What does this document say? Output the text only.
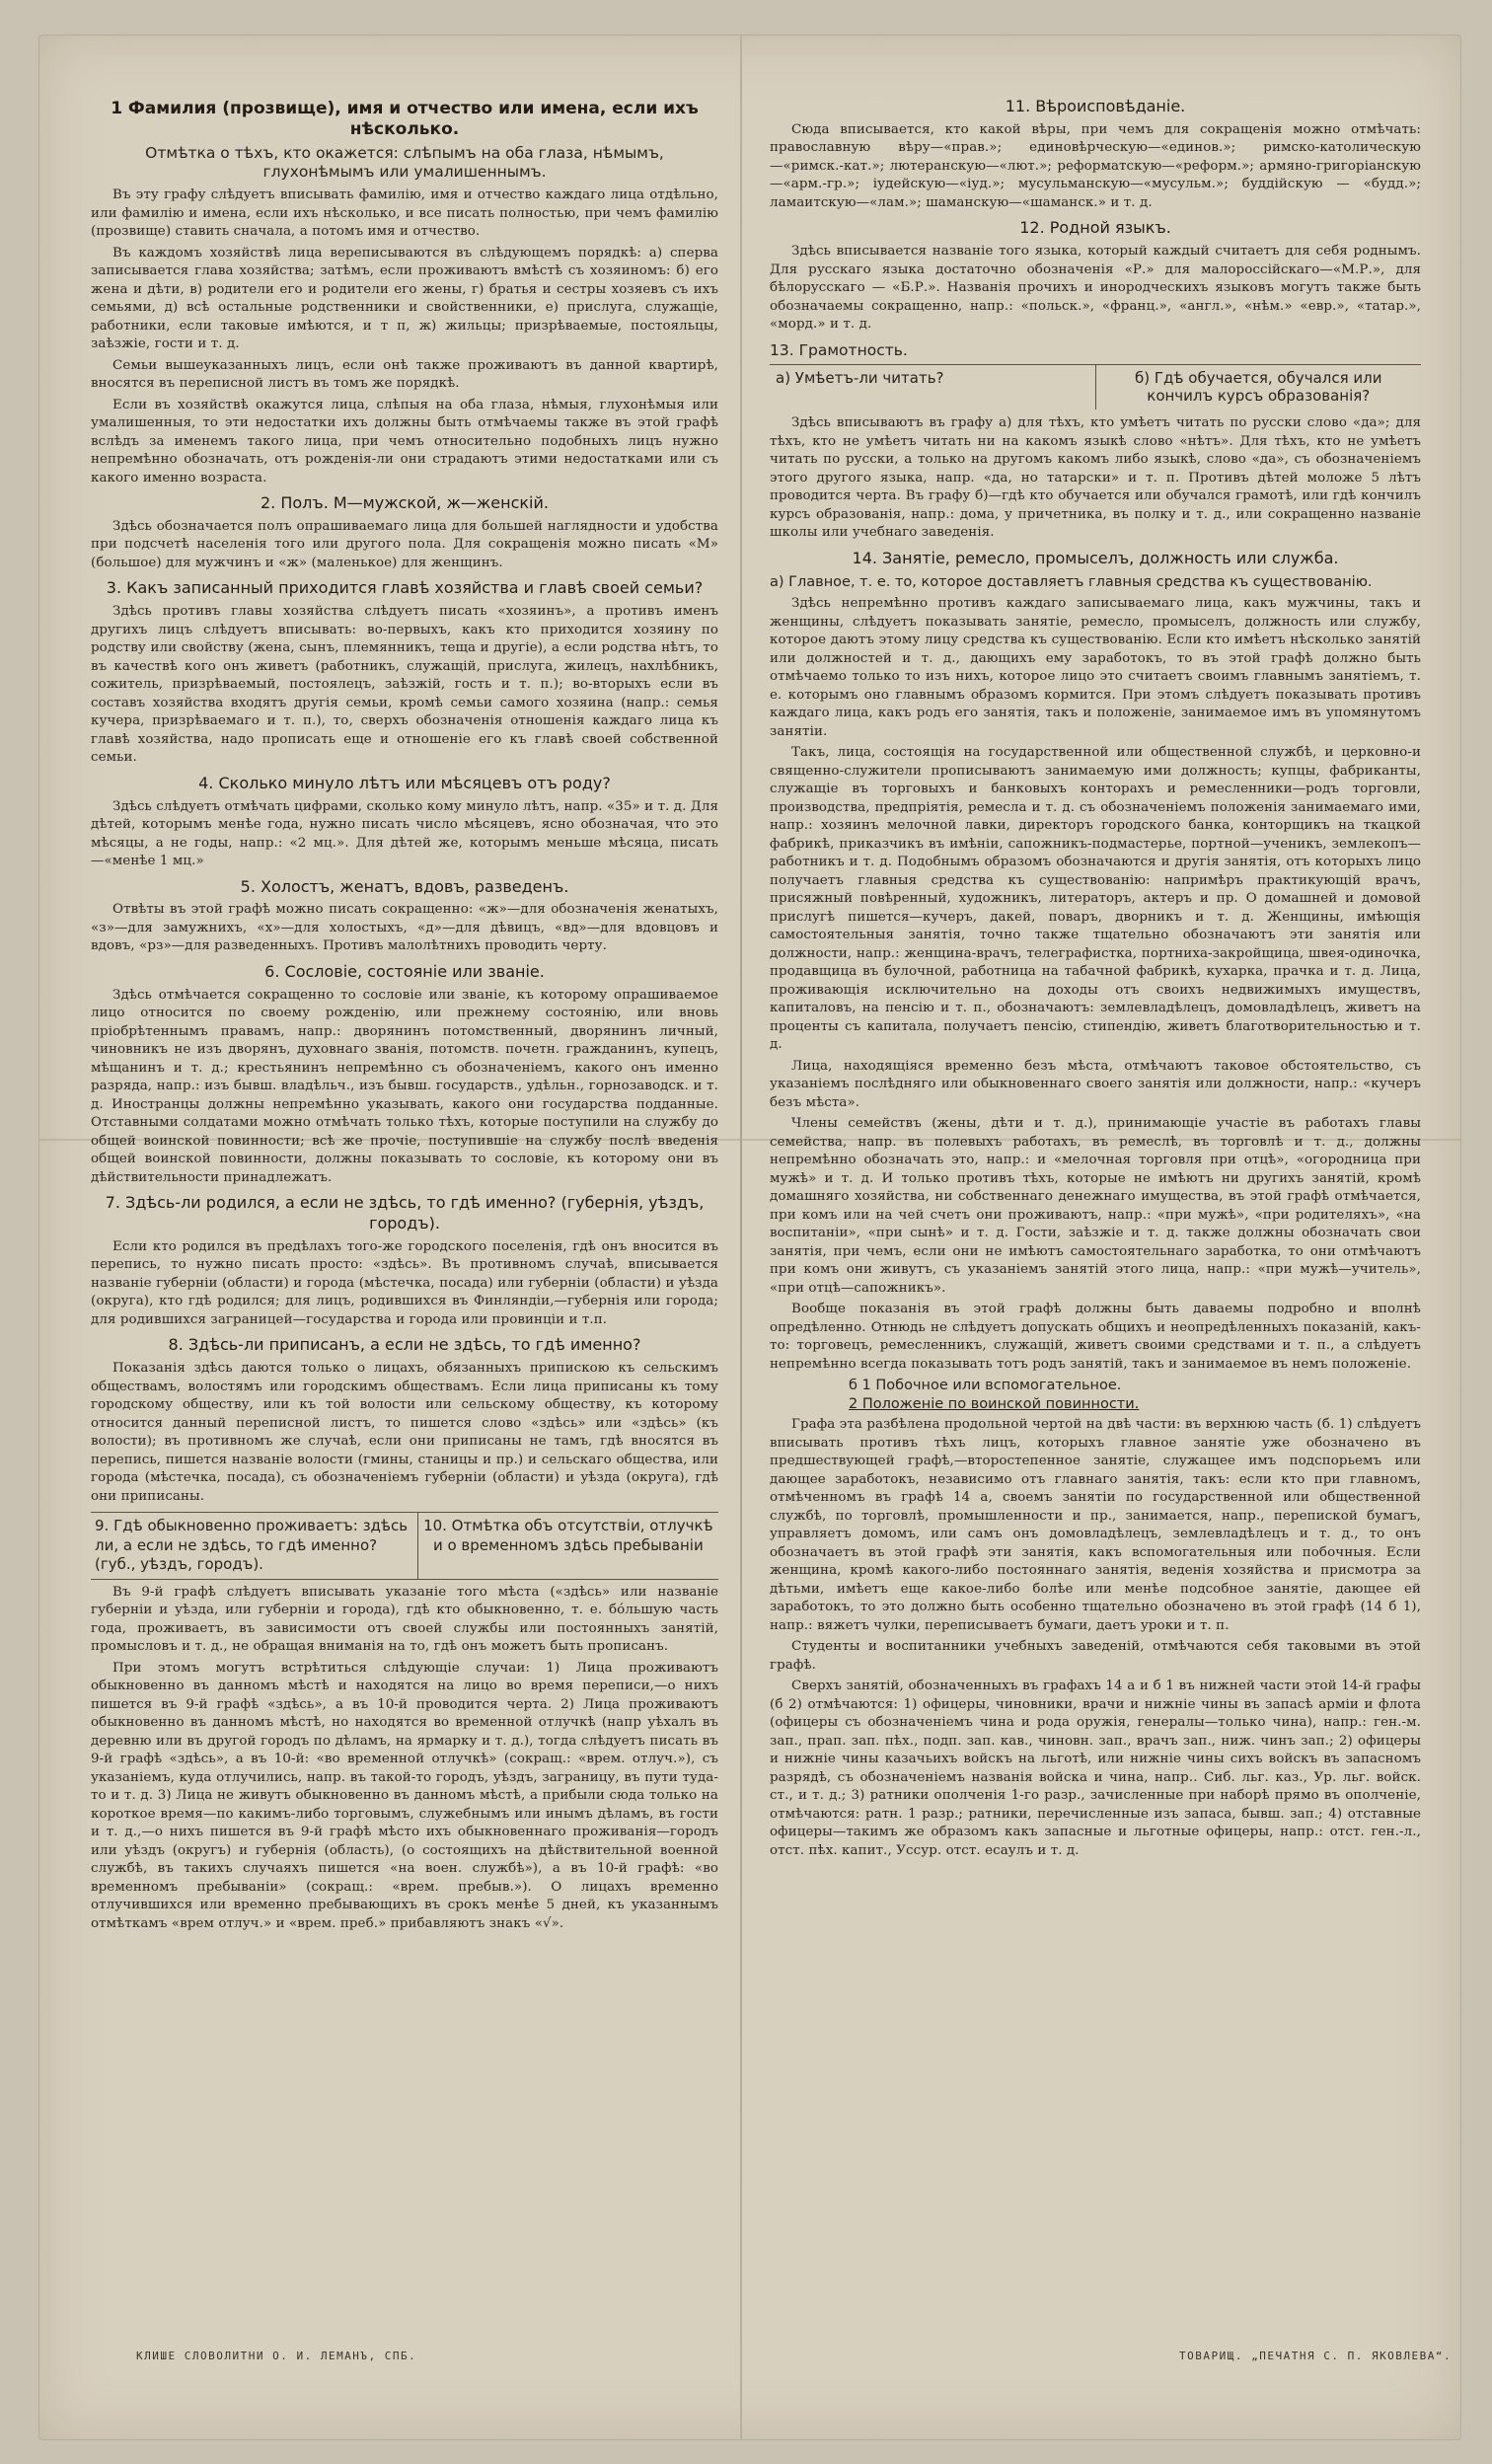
1 Фамилия (прозвище), имя и отчество или имена, если ихъ нѣсколько.
Отмѣтка о тѣхъ, кто окажется: слѣпымъ на оба глаза, нѣмымъ, глухонѣмымъ или умалишеннымъ.

Въ эту графу слѣдуетъ вписывать фамилію, имя и отчество каждаго лица отдѣльно, или фамилію и имена, если ихъ нѣсколько, и все писать полностью, при чемъ фамилію (прозвище) ставить сначала, а потомъ имя и отчество.

Въ каждомъ хозяйствѣ лица вереписываются въ слѣдующемъ порядкѣ: а) сперва записывается глава хозяйства; затѣмъ, если проживаютъ вмѣстѣ съ хозяиномъ: б) его жена и дѣти, в) родители его и родители его жены, г) братья и сестры хозяевъ съ ихъ семьями, д) всѣ остальные родственники и свойственники, е) прислуга, служащіе, работники, если таковые имѣются, и т п, ж) жильцы; призрѣваемые, постояльцы, заѣзжіе, гости и т. д.

Семьи вышеуказанныхъ лицъ, если онѣ также проживаютъ въ данной квартирѣ, вносятся въ переписной листъ въ томъ же порядкѣ.

Если въ хозяйствѣ окажутся лица, слѣпыя на оба глаза, нѣмыя, глухонѣмыя или умалишенныя, то эти недостатки ихъ должны быть отмѣчаемы также въ этой графѣ вслѣдъ за именемъ такого лица, при чемъ относительно подобныхъ лицъ нужно непремѣнно обозначать, отъ рожденія-ли они страдаютъ этими недостатками или съ какого именно возраста.

2. Полъ. М—мужской, ж—женскій.

Здѣсь обозначается полъ опрашиваемаго лица для большей наглядности и удобства при подсчетѣ населенія того или другого пола. Для сокращенія можно писать «М» (большое) для мужчинъ и «ж» (маленькое) для женщинъ.

3. Какъ записанный приходится главѣ хозяйства и главѣ своей семьи?

Здѣсь противъ главы хозяйства слѣдуетъ писать «хозяинъ», а противъ именъ другихъ лицъ слѣдуетъ вписывать: во-первыхъ, какъ кто приходится хозяину по родству или свойству (жена, сынъ, племянникъ, теща и другіе), а если родства нѣтъ, то въ качествѣ кого онъ живетъ (работникъ, служащій, прислуга, жилецъ, нахлѣбникъ, сожитель, призрѣваемый, постоялецъ, заѣзжій, гость и т. п.); во-вторыхъ если въ составъ хозяйства входятъ другія семьи, кромѣ семьи самого хозяина (напр.: семья кучера, призрѣваемаго и т. п.), то, сверхъ обозначенія отношенія каждаго лица къ главѣ хозяйства, надо прописать еще и отношеніе его къ главѣ своей собственной семьи.

4. Сколько минуло лѣтъ или мѣсяцевъ отъ роду?

Здѣсь слѣдуетъ отмѣчать цифрами, сколько кому минуло лѣтъ, напр. «35» и т. д. Для дѣтей, которымъ менѣе года, нужно писать число мѣсяцевъ, ясно обозначая, что это мѣсяцы, а не годы, напр.: «2 мц.». Для дѣтей же, которымъ меньше мѣсяца, писать—«менѣе 1 мц.»

5. Холостъ, женатъ, вдовъ, разведенъ.

Отвѣты въ этой графѣ можно писать сокращенно: «ж»—для обозначенія женатыхъ, «з»—для замужнихъ, «х»—для холостыхъ, «д»—для дѣвицъ, «вд»—для вдовцовъ и вдовъ, «рз»—для разведенныхъ. Противъ малолѣтнихъ проводить черту.

6. Сословіе, состояніе или званіе.

Здѣсь отмѣчается сокращенно то сословіе или званіе, къ которому опрашиваемое лицо относится по своему рожденію, или прежнему состоянію, или вновь пріобрѣтеннымъ правамъ, напр.: дворянинъ потомственный, дворянинъ личный, чиновникъ не изъ дворянъ, духовнаго званія, потомств. почетн. гражданинъ, купецъ, мѣщанинъ и т. д.; крестьянинъ непремѣнно съ обозначеніемъ, какого онъ именно разряда, напр.: изъ бывш. владѣльч., изъ бывш. государств., удѣльн., горнозаводск. и т. д. Иностранцы должны непремѣнно указывать, какого они государства подданные. Отставными солдатами можно отмѣчать только тѣхъ, которые поступили на службу до общей воинской повинности; всѣ же прочіе, поступившіе на службу послѣ введенія общей воинской повинности, должны показывать то сословіе, къ которому они въ дѣйствительности принадлежатъ.

7. Здѣсь-ли родился, а если не здѣсь, то гдѣ именно? (губернія, уѣздъ, городъ).

Если кто родился въ предѣлахъ того-же городского поселенія, гдѣ онъ вносится въ перепись, то нужно писать просто: «здѣсь». Въ противномъ случаѣ, вписывается названіе губерніи (области) и города (мѣстечка, посада) или губерніи (области) и уѣзда (округа), кто гдѣ родился; для лицъ, родившихся въ Финляндіи,—губернія или города; для родившихся заграницей—государства и города или провинціи и т.п.

8. Здѣсь-ли приписанъ, а если не здѣсь, то гдѣ именно?

Показанія здѣсь даются только о лицахъ, обязанныхъ припискою къ сельскимъ обществамъ, волостямъ или городскимъ обществамъ. Если лица приписаны къ тому городскому обществу, или къ той волости или сельскому обществу, къ которому относится данный переписной листъ, то пишется слово «здѣсь» или «здѣсь» (къ волости); въ противномъ же случаѣ, если они приписаны не тамъ, гдѣ вносятся въ перепись, пишется названіе волости (гмины, станицы и пр.) и сельскаго общества, или города (мѣстечка, посада), съ обозначеніемъ губерніи (области) и уѣзда (округа), гдѣ они приписаны.

9. Гдѣ обыкновенно проживаетъ: здѣсь ли, а если не здѣсь, то гдѣ именно? (губ., уѣздъ, городъ).
10. Отмѣтка объ отсутствіи, отлучкѣ и о временномъ здѣсь пребываніи

Въ 9-й графѣ слѣдуетъ вписывать указаніе того мѣста («здѣсь» или названіе губерніи и уѣзда, или губерніи и города), гдѣ кто обыкновенно, т. е. бóльшую часть года, проживаетъ, въ зависимости отъ своей службы или постоянныхъ занятій, промысловъ и т. д., не обращая вниманія на то, гдѣ онъ можетъ быть прописанъ.

При этомъ могутъ встрѣтиться слѣдующіе случаи: 1) Лица проживаютъ обыкновенно въ данномъ мѣстѣ и находятся на лицо во время переписи,—о нихъ пишется въ 9-й графѣ «здѣсь», а въ 10-й проводится черта. 2) Лица проживаютъ обыкновенно въ данномъ мѣстѣ, но находятся во временной отлучкѣ (напр уѣхалъ въ деревню или въ другой городъ по дѣламъ, на ярмарку и т. д.), тогда слѣдуетъ писать въ 9-й графѣ «здѣсь», а въ 10-й: «во временной отлучкѣ» (сокращ.: «врем. отлуч.»), съ указаніемъ, куда отлучились, напр. въ такой-то городъ, уѣздъ, заграницу, въ пути туда-то и т. д. 3) Лица не живутъ обыкновенно въ данномъ мѣстѣ, а прибыли сюда только на короткое время—по какимъ-либо торговымъ, служебнымъ или инымъ дѣламъ, въ гости и т. д.,—о нихъ пишется въ 9-й графѣ мѣсто ихъ обыкновеннаго проживанія—городъ или уѣздъ (округъ) и губернія (область), (о состоящихъ на дѣйствительной военной службѣ, въ такихъ случаяхъ пишется «на воен. службѣ»), а въ 10-й графѣ: «во временномъ пребываніи» (сокращ.: «врем. пребыв.»). О лицахъ временно отлучившихся или временно пребывающихъ въ срокъ менѣе 5 дней, къ указаннымъ отмѣткамъ «врем отлуч.» и «врем. преб.» прибавляютъ знакъ «√».

11. Вѣроисповѣданіе.

Сюда вписывается, кто какой вѣры, при чемъ для сокращенія можно отмѣчать: православную вѣру—«прав.»; единовѣрческую—«единов.»; римско-католическую—«римск.-кат.»; лютеранскую—«лют.»; реформатскую—«реформ.»; армяно-григоріанскую—«арм.-гр.»; іудейскую—«іуд.»; мусульманскую—«мусульм.»; буддійскую — «будд.»; ламаитскую—«лам.»; шаманскую—«шаманск.» и т. д.

12. Родной языкъ.

Здѣсь вписывается названіе того языка, который каждый считаетъ для себя роднымъ. Для русскаго языка достаточно обозначенія «Р.» для малороссійскаго—«М.Р.», для бѣлорусскаго — «Б.Р.». Названія прочихъ и инородческихъ языковъ могутъ также быть обозначаемы сокращенно, напр.: «польск.», «франц.», «англ.», «нѣм.» «евр.», «татар.», «морд.» и т. д.

13. Грамотность.
а) Умѣетъ-ли читать?	б) Гдѣ обучается, обучался или кончилъ курсъ образованія?

Здѣсь вписываютъ въ графу а) для тѣхъ, кто умѣетъ читать по русски слово «да»; для тѣхъ, кто не умѣетъ читать ни на какомъ языкѣ слово «нѣтъ». Для тѣхъ, кто не умѣетъ читать по русски, а только на другомъ какомъ либо языкѣ, слово «да», съ обозначеніемъ этого другого языка, напр. «да, но татарски» и т. п. Противъ дѣтей моложе 5 лѣтъ проводится черта. Въ графу б)—гдѣ кто обучается или обучался грамотѣ, или гдѣ кончилъ курсъ образованія, напр.: дома, у причетника, въ полку и т. д., или сокращенно названіе школы или учебнаго заведенія.

14. Занятіе, ремесло, промыселъ, должность или служба.
а) Главное, т. е. то, которое доставляетъ главныя средства къ существованію.

Здѣсь непремѣнно противъ каждаго записываемаго лица, какъ мужчины, такъ и женщины, слѣдуетъ показывать занятіе, ремесло, промыселъ, должность или службу, которое даютъ этому лицу средства къ существованію. Если кто имѣетъ нѣсколько занятій или должностей и т. д., дающихъ ему заработокъ, то въ этой графѣ должно быть отмѣчаемо только то изъ нихъ, которое лицо это считаетъ своимъ главнымъ занятіемъ, т. е. которымъ оно главнымъ образомъ кормится. При этомъ слѣдуетъ показывать противъ каждаго лица, какъ родъ его занятія, такъ и положеніе, занимаемое имъ въ упомянутомъ занятіи.

Такъ, лица, состоящія на государственной или общественной службѣ, и церковно-и священно-служители прописываютъ занимаемую ими должность; купцы, фабриканты, служащіе въ торговыхъ и банковыхъ конторахъ и ремесленники—родъ торговли, производства, предпріятія, ремесла и т. д. съ обозначеніемъ положенія занимаемаго ими, напр.: хозяинъ мелочной лавки, директоръ городского банка, конторщикъ на ткацкой фабрикѣ, приказчикъ въ имѣніи, сапожникъ-подмастерье, портной—ученикъ, землекопъ—работникъ и т. д. Подобнымъ образомъ обозначаются и другія занятія, отъ которыхъ лицо получаетъ главныя средства къ существованію: напримѣръ практикующій врачъ, присяжный повѣренный, художникъ, литераторъ, актеръ и пр. О домашней и домовой прислугѣ пишется—кучеръ, дакей, поваръ, дворникъ и т. д. Женщины, имѣющія самостоятельныя занятія, точно также тщательно обозначаютъ эти занятія или должности, напр.: женщина-врачъ, телеграфистка, портниха-закройщица, швея-одиночка, продавщица въ булочной, работница на табачной фабрикѣ, кухарка, прачка и т. д. Лица, проживающія исключительно на доходы отъ своихъ недвижимыхъ имуществъ, капиталовъ, на пенсію и т. п., обозначаютъ: землевладѣлецъ, домовладѣлецъ, живетъ на проценты съ капитала, получаетъ пенсію, стипендію, живетъ благотворительностью и т. д.

Лица, находящіяся временно безъ мѣста, отмѣчаютъ таковое обстоятельство, съ указаніемъ послѣдняго или обыкновеннаго своего занятія или должности, напр.: «кучеръ безъ мѣста».

Члены семействъ (жены, дѣти и т. д.), принимающіе участіе въ работахъ главы семейства, напр. въ полевыхъ работахъ, въ ремеслѣ, въ торговлѣ и т. д., должны непремѣнно обозначать это, напр.: и «мелочная торговля при отцѣ», «огородница при мужѣ» и т. д. И только противъ тѣхъ, которые не имѣютъ ни другихъ занятій, кромѣ домашняго хозяйства, ни собственнаго денежнаго имущества, въ этой графѣ отмѣчается, при комъ или на чей счетъ они проживаютъ, напр.: «при мужѣ», «при родителяхъ», «на воспитаніи», «при сынѣ» и т. д. Гости, заѣзжіе и т. д. также должны обозначать свои занятія, при чемъ, если они не имѣютъ самостоятельнаго заработка, то они отмѣчаютъ при комъ они живутъ, съ указаніемъ занятій этого лица, напр.: «при мужѣ—учитель», «при отцѣ—сапожникъ».

Вообще показанія въ этой графѣ должны быть даваемы подробно и вполнѣ опредѣленно. Отнюдь не слѣдуетъ допускать общихъ и неопредѣленныхъ показаній, какъ-то: торговецъ, ремесленникъ, служащій, живетъ своими средствами и т. п., а слѣдуетъ непремѣнно всегда показывать тотъ родъ занятій, такъ и занимаемое въ немъ положеніе.

б 1 Побочное или вспомогательное.
2 Положеніе по воинской повинности.

Графа эта разбѣлена продольной чертой на двѣ части: въ верхнюю часть (б. 1) слѣдуетъ вписывать противъ тѣхъ лицъ, которыхъ главное занятіе уже обозначено въ предшествующей графѣ,—второстепенное занятіе, служащее имъ подспорьемъ или дающее заработокъ, независимо отъ главнаго занятія, такъ: если кто при главномъ, отмѣченномъ въ графѣ 14 а, своемъ занятіи по государственной или общественной службѣ, по торговлѣ, промышленности и пр., занимается, напр., перепиской бумагъ, управляетъ домомъ, или самъ онъ домовладѣлецъ, землевладѣлецъ и т. д., то онъ обозначаетъ въ этой графѣ эти занятія, какъ вспомогательныя или побочныя. Если женщина, кромѣ какого-либо постояннаго занятія, веденія хозяйства и присмотра за дѣтьми, имѣетъ еще какое-либо болѣе или менѣе подсобное занятіе, дающее ей заработокъ, то это должно быть особенно тщательно обозначено въ этой графѣ (14 б 1), напр.: вяжетъ чулки, переписываетъ бумаги, даетъ уроки и т. п.

Студенты и воспитанники учебныхъ заведеній, отмѣчаются себя таковыми въ этой графѣ.

Сверхъ занятій, обозначенныхъ въ графахъ 14 а и б 1 въ нижней части этой 14-й графы (б 2) отмѣчаются: 1) офицеры, чиновники, врачи и нижніе чины въ запасѣ арміи и флота (офицеры съ обозначеніемъ чина и рода оружія, генералы—только чина), напр.: ген.-м. зап., прап. зап. пѣх., подп. зап. кав., чиновн. зап., врачъ зап., ниж. чинъ зап.; 2) офицеры и нижніе чины казачьихъ войскъ на льготѣ, или нижніе чины сихъ войскъ въ запасномъ разрядѣ, съ обозначеніемъ названія войска и чина, напр.. Сиб. льг. каз., Ур. льг. войск. ст., и т. д.; 3) ратники ополченія 1-го разр., зачисленные при наборѣ прямо въ ополченіе, отмѣчаются: ратн. 1 разр.; ратники, перечисленные изъ запаса, бывш. зап.; 4) отставные офицеры—такимъ же образомъ какъ запасные и льготные офицеры, напр.: отст. ген.-л., отст. пѣх. капит., Уссур. отст. есаулъ и т. д.

КЛИШЕ СЛОВОЛИТНИ О. И. ЛЕМАНЪ, СПБ.	ТОВАРИЩ. „ПЕЧАТНЯ С. П. ЯКОВЛЕВА“.
